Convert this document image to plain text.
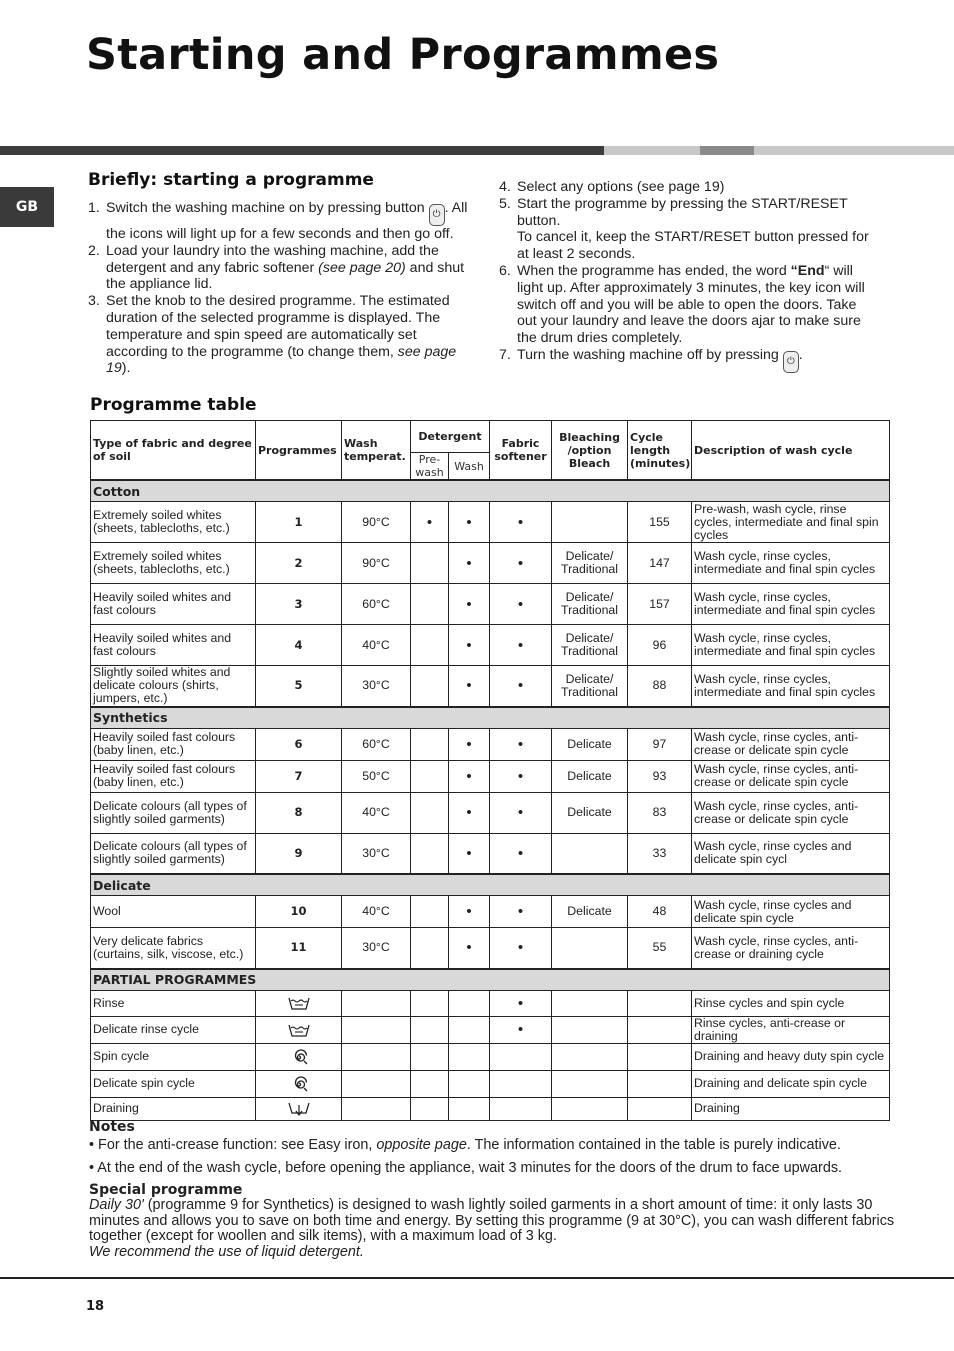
Starting and Programmes
GB
Briefly: starting a programme
1. Switch the washing machine on by pressing button ⏻ . All the icons will light up for a few seconds and then go off.
2. Load your laundry into the washing machine, add the detergent and any fabric softener (see page 20) and shut the appliance lid.
3. Set the knob to the desired programme. The estimated duration of the selected programme is displayed. The temperature and spin speed are automatically set according to the programme (to change them, see page 19).
4. Select any options (see page 19)
5. Start the programme by pressing the START/RESET button.
To cancel it, keep the START/RESET button pressed for at least 2 seconds.
6. When the programme has ended, the word “End“ will light up. After approximately 3 minutes, the key icon will switch off and you will be able to open the doors. Take out your laundry and leave the doors ajar to make sure the drum dries completely.
7. Turn the washing machine off by pressing ⏻ .
Programme table
Type of fabric and degree of soil	Programmes	Wash temperat.	Detergent		Fabric softener	Bleaching /option Bleach	Cycle length (minutes)	Description of wash cycle
			Pre-wash	Wash				
Cotton								
Extremely soiled whites (sheets, tablecloths, etc.)	1	90°C	•	•	•		155	Pre-wash, wash cycle, rinse cycles, intermediate and final spin cycles
Extremely soiled whites (sheets, tablecloths, etc.)	2	90°C		•	•	Delicate/ Traditional	147	Wash cycle, rinse cycles, intermediate and final spin cycles
Heavily soiled whites and fast colours	3	60°C		•	•	Delicate/ Traditional	157	Wash cycle, rinse cycles, intermediate and final spin cycles
Heavily soiled whites and fast colours	4	40°C		•	•	Delicate/ Traditional	96	Wash cycle, rinse cycles, intermediate and final spin cycles
Slightly soiled whites and delicate colours (shirts, jumpers, etc.)	5	30°C		•	•	Delicate/ Traditional	88	Wash cycle, rinse cycles, intermediate and final spin cycles
Synthetics								
Heavily soiled fast colours (baby linen, etc.)	6	60°C		•	•	Delicate	97	Wash cycle, rinse cycles, anti-crease or delicate spin cycle
Heavily soiled fast colours (baby linen, etc.)	7	50°C		•	•	Delicate	93	Wash cycle, rinse cycles, anti-crease or delicate spin cycle
Delicate colours (all types of slightly soiled garments)	8	40°C		•	•	Delicate	83	Wash cycle, rinse cycles, anti-crease or delicate spin cycle
Delicate colours (all types of slightly soiled garments)	9	30°C		•	•		33	Wash cycle, rinse cycles and delicate spin cycl
Delicate								
Wool	10	40°C		•	•	Delicate	48	Wash cycle, rinse cycles and delicate spin cycle
Very delicate fabrics (curtains, silk, viscose, etc.)	11	30°C		•	•		55	Wash cycle, rinse cycles, anti-crease or draining cycle
PARTIAL PROGRAMMES								
Rinse					•			Rinse cycles and spin cycle
Delicate rinse cycle					•			Rinse cycles, anti-crease or draining
Spin cycle								Draining and heavy duty spin cycle
Delicate spin cycle								Draining and delicate spin cycle
Draining								Draining
Notes

• For the anti-crease function: see Easy iron, opposite page. The information contained in the table is purely indicative.

• At the end of the wash cycle, before opening the appliance, wait 3 minutes for the doors of the drum to face upwards.

Special programme

Daily 30' (programme 9 for Synthetics) is designed to wash lightly soiled garments in a short amount of time: it only lasts 30 minutes and allows you to save on both time and energy. By setting this programme (9 at 30°C), you can wash different fabrics together (except for woollen and silk items), with a maximum load of 3 kg.
We recommend the use of liquid detergent.

18
